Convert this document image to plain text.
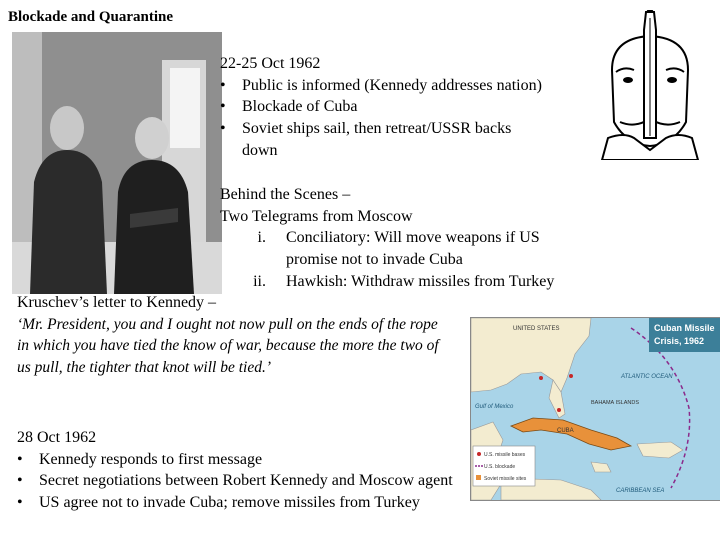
Blockade and Quarantine
22-25 Oct 1962
• Public is informed (Kennedy addresses nation)
• Blockade of Cuba
• Soviet ships sail, then retreat/USSR backs down
Behind the Scenes –
Two Telegrams from Moscow
i. Conciliatory: Will move weapons if US promise not to invade Cuba
ii. Hawkish: Withdraw missiles from Turkey
Kruschev’s letter to Kennedy –
‘Mr. President, you and I ought not now pull on the ends of the rope in which you have tied the know of war, because the more the two of us pull, the tighter that knot will be tied.’
Cuban Missile
Crisis, 1962
UNITED STATES
ATLANTIC OCEAN
Gulf of Mexico
BAHAMA ISLANDS
CUBA
CARIBBEAN SEA
U.S. missile bases
U.S. blockade
Soviet missile sites
28 Oct 1962
• Kennedy responds to first message
• Secret negotiations between Robert Kennedy and Moscow agent
• US agree not to invade Cuba; remove missiles from Turkey
